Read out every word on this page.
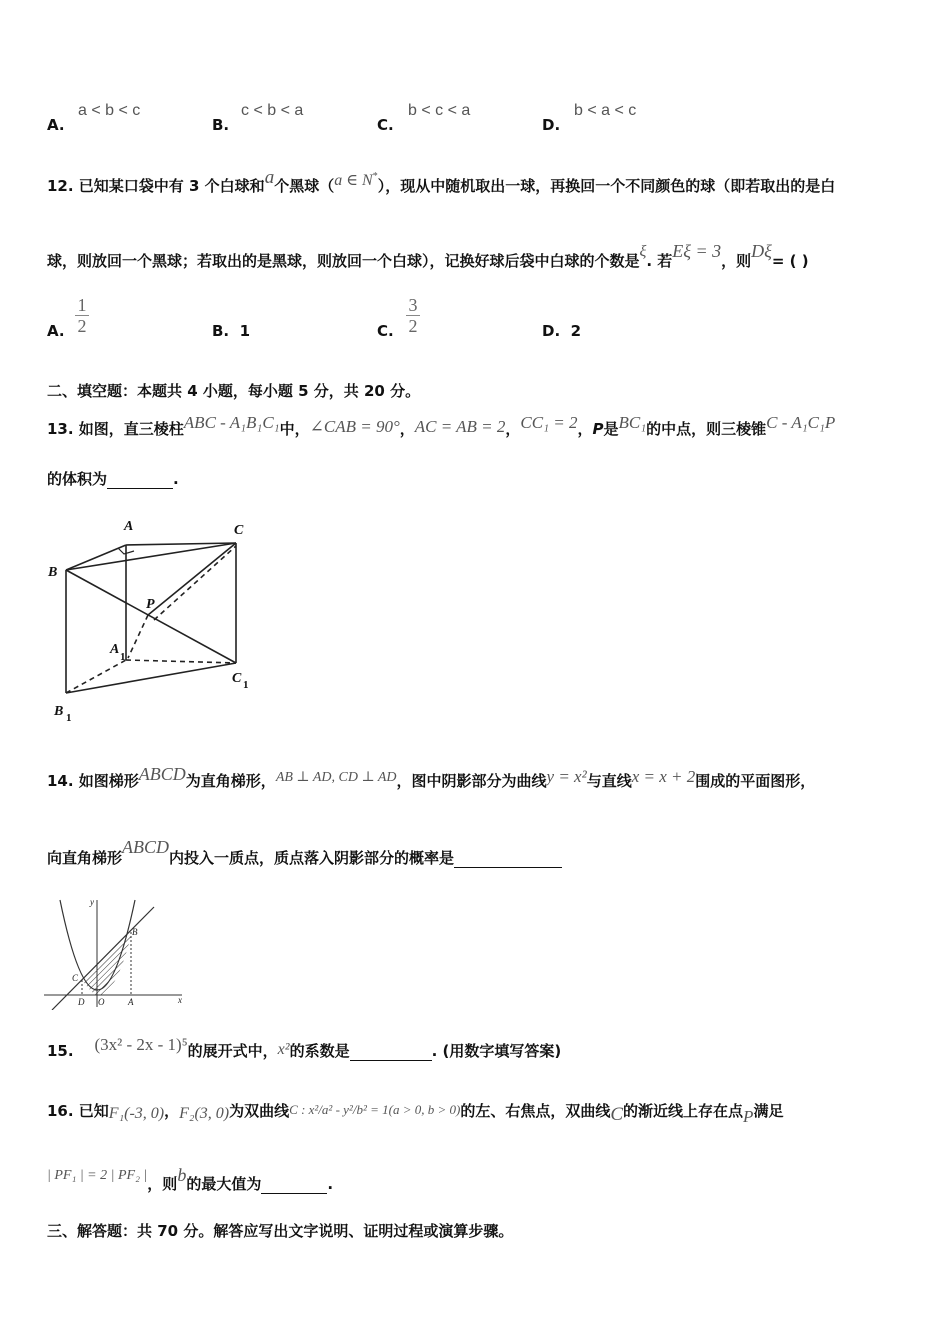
A.
a < b < c
B.
c < b < a
C.
b < c < a
D.
b < a < c
12. 已知某口袋中有 3 个白球和a个黑球（a ∈ N*），现从中随机取出一球，再换回一个不同颜色的球（即若取出的是白
球，则放回一个黑球；若取出的是黑球，则放回一个白球），记换好球后袋中白球的个数是ξ. 若Eξ = 3，则Dξ= ( )
A.
1
2	B. 1	C.
3
2	D. 2
二、填空题：本题共 4 小题，每小题 5 分，共 20 分。
13. 如图，直三棱柱ABC - A₁B₁C₁中，∠CAB = 90°，AC = AB = 2，CC₁ = 2，P是BC₁的中点，则三棱锥C - A₁C₁P
的体积为	.
A	C
B
P
A 1
C 1
B 1
14. 如图梯形ABCD为直角梯形，AB ⊥ AD, CD ⊥ AD，图中阴影部分为曲线y = x²与直线x = x + 2围成的平面图形，
向直角梯形ABCD内投入一质点，质点落入阴影部分的概率是
y
x
B
C
D O	A
15. (3x² - 2x - 1)⁵的展开式中，x²的系数是	. (用数字填写答案)
16. 已知F₁(-3, 0)，F₂(3, 0)为双曲线C : x²/a² - y²/b² = 1(a > 0, b > 0)的左、右焦点，双曲线C的渐近线上存在点P满足
| PF₁ | = 2 | PF₂ |，则b的最大值为	.
三、解答题：共 70 分。解答应写出文字说明、证明过程或演算步骤。
